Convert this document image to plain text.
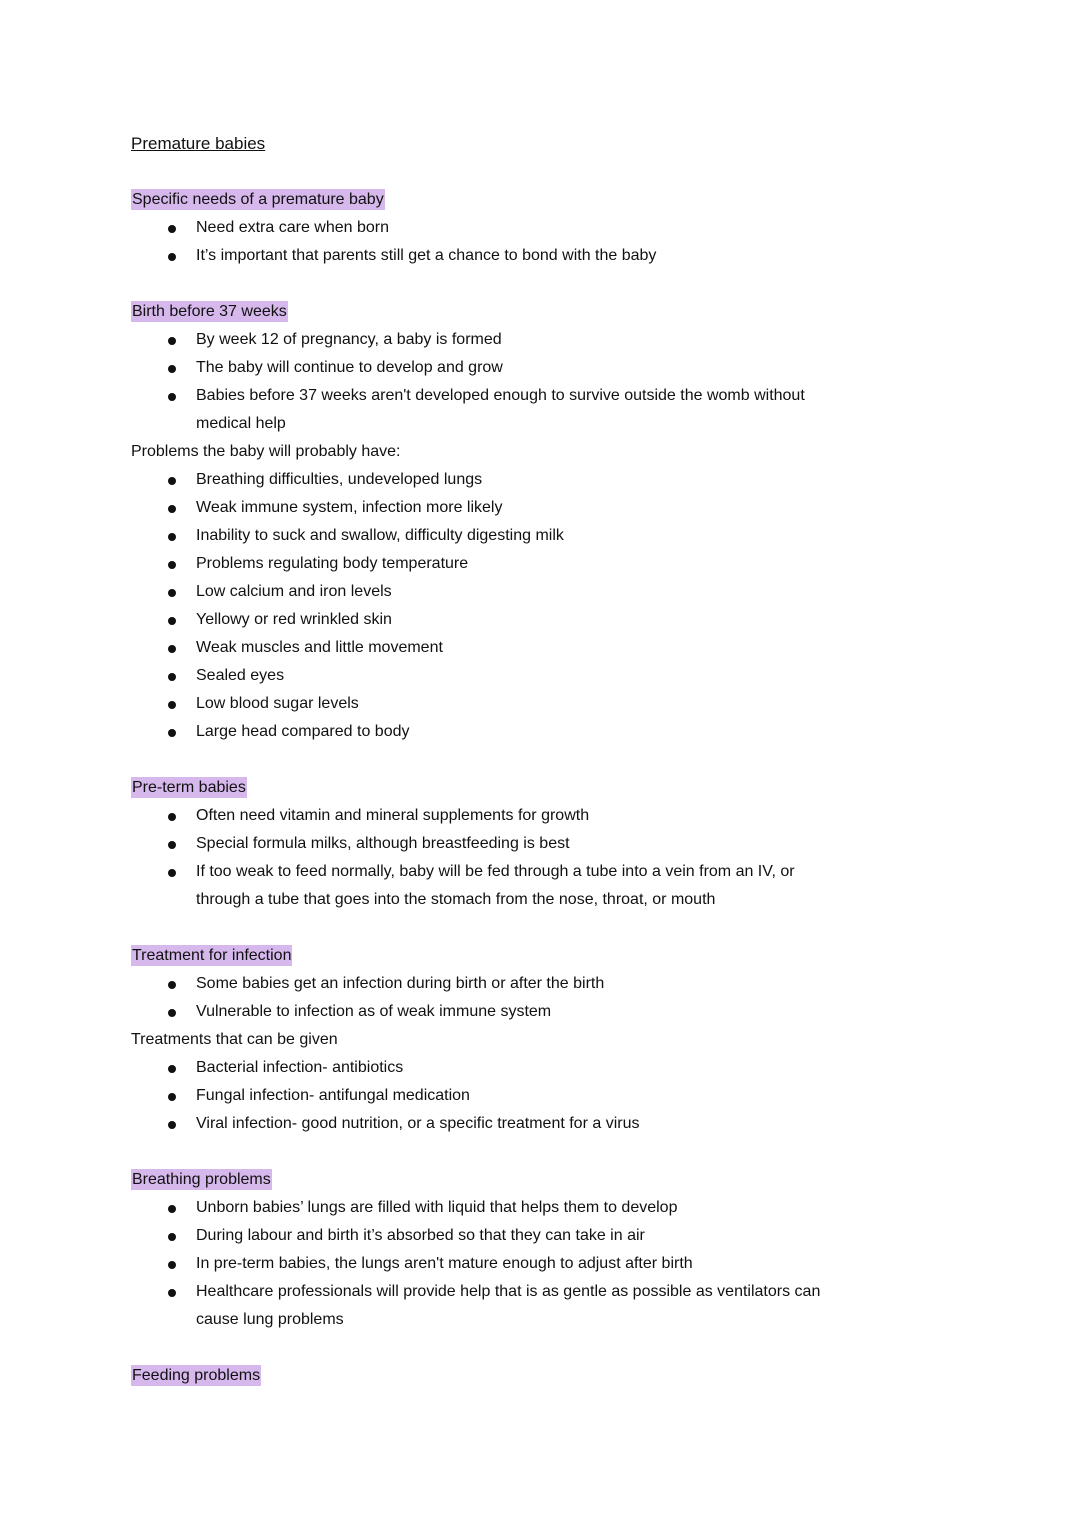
Premature babies
Specific needs of a premature baby
Need extra care when born
It’s important that parents still get a chance to bond with the baby
Birth before 37 weeks
By week 12 of pregnancy, a baby is formed
The baby will continue to develop and grow
Babies before 37 weeks aren't developed enough to survive outside the womb without medical help
Problems the baby will probably have:
Breathing difficulties, undeveloped lungs
Weak immune system, infection more likely
Inability to suck and swallow, difficulty digesting milk
Problems regulating body temperature
Low calcium and iron levels
Yellowy or red wrinkled skin
Weak muscles and little movement
Sealed eyes
Low blood sugar levels
Large head compared to body
Pre-term babies
Often need vitamin and mineral supplements for growth
Special formula milks, although breastfeeding is best
If too weak to feed normally, baby will be fed through a tube into a vein from an IV, or through a tube that goes into the stomach from the nose, throat, or mouth
Treatment for infection
Some babies get an infection during birth or after the birth
Vulnerable to infection as of weak immune system
Treatments that can be given
Bacterial infection- antibiotics
Fungal infection- antifungal medication
Viral infection- good nutrition, or a specific treatment for a virus
Breathing problems
Unborn babies’ lungs are filled with liquid that helps them to develop
During labour and birth it’s absorbed so that they can take in air
In pre-term babies, the lungs aren't mature enough to adjust after birth
Healthcare professionals will provide help that is as gentle as possible as ventilators can cause lung problems
Feeding problems
